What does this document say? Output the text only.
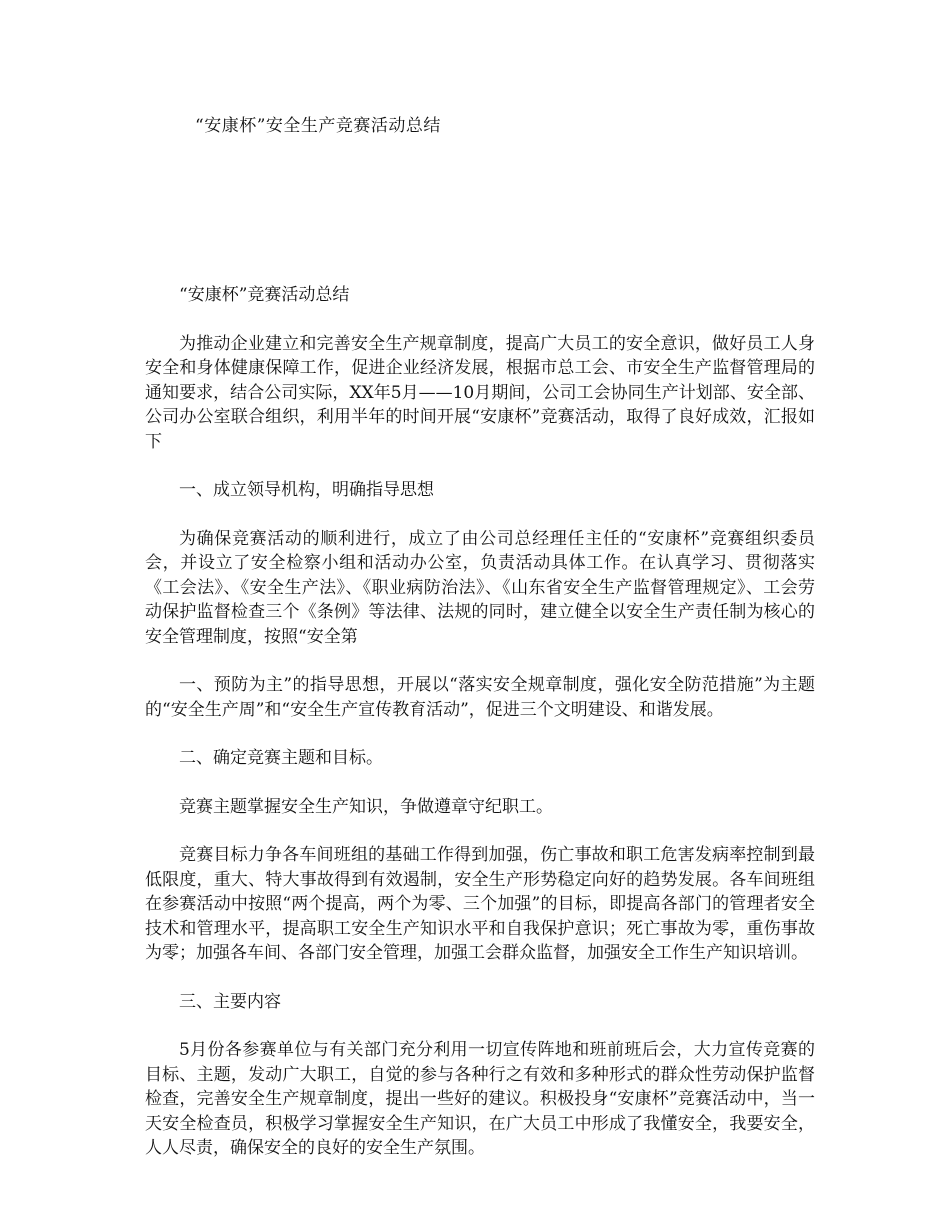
“安康杯”安全生产竞赛活动总结

“安康杯”竞赛活动总结

为推动企业建立和完善安全生产规章制度，提高广大员工的安全意识，做好员工人身安全和身体健康保障工作，促进企业经济发展，根据市总工会、市安全生产监督管理局的通知要求，结合公司实际，XX年5月——10月期间，公司工会协同生产计划部、安全部、公司办公室联合组织，利用半年的时间开展“安康杯”竞赛活动，取得了良好成效，汇报如下

一、成立领导机构，明确指导思想

为确保竞赛活动的顺利进行，成立了由公司总经理任主任的“安康杯”竞赛组织委员会，并设立了安全检察小组和活动办公室，负责活动具体工作。在认真学习、贯彻落实《工会法》、《安全生产法》、《职业病防治法》、《山东省安全生产监督管理规定》、工会劳动保护监督检查三个《条例》等法律、法规的同时，建立健全以安全生产责任制为核心的安全管理制度，按照“安全第

一、预防为主”的指导思想，开展以“落实安全规章制度，强化安全防范措施”为主题的“安全生产周”和“安全生产宣传教育活动”，促进三个文明建设、和谐发展。

二、确定竞赛主题和目标。

竞赛主题掌握安全生产知识，争做遵章守纪职工。

竞赛目标力争各车间班组的基础工作得到加强，伤亡事故和职工危害发病率控制到最低限度，重大、特大事故得到有效遏制，安全生产形势稳定向好的趋势发展。各车间班组在参赛活动中按照“两个提高，两个为零、三个加强”的目标，即提高各部门的管理者安全技术和管理水平，提高职工安全生产知识水平和自我保护意识；死亡事故为零，重伤事故为零；加强各车间、各部门安全管理，加强工会群众监督，加强安全工作生产知识培训。

三、主要内容

5月份各参赛单位与有关部门充分利用一切宣传阵地和班前班后会，大力宣传竞赛的目标、主题，发动广大职工，自觉的参与各种行之有效和多种形式的群众性劳动保护监督检查，完善安全生产规章制度，提出一些好的建议。积极投身“安康杯”竞赛活动中，当一天安全检查员，积极学习掌握安全生产知识，在广大员工中形成了我懂安全，我要安全，人人尽责，确保安全的良好的安全生产氛围。
